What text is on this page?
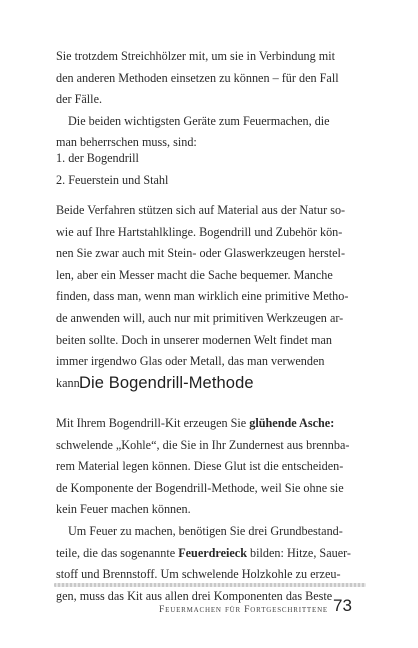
Sie trotzdem Streichhölzer mit, um sie in Verbindung mit
den anderen Methoden einsetzen zu können – für den Fall
der Fälle.
Die beiden wichtigsten Geräte zum Feuermachen, die
man beherrschen muss, sind:
1. der Bogendrill
2. Feuerstein und Stahl
Beide Verfahren stützen sich auf Material aus der Natur so-
wie auf Ihre Hartstahlklinge. Bogendrill und Zubehör kön-
nen Sie zwar auch mit Stein- oder Glaswerkzeugen herstel-
len, aber ein Messer macht die Sache bequemer. Manche
finden, dass man, wenn man wirklich eine primitive Metho-
de anwenden will, auch nur mit primitiven Werkzeugen ar-
beiten sollte. Doch in unserer modernen Welt findet man
immer irgendwo Glas oder Metall, das man verwenden
kann.
Die Bogendrill-Methode
Mit Ihrem Bogendrill-Kit erzeugen Sie glühende Asche:
schwelende „Kohle“, die Sie in Ihr Zundernest aus brennba-
rem Material legen können. Diese Glut ist die entscheiden-
de Komponente der Bogendrill-Methode, weil Sie ohne sie
kein Feuer machen können.
Um Feuer zu machen, benötigen Sie drei Grundbestand-
teile, die das sogenannte Feuerdreieck bilden: Hitze, Sauer-
stoff und Brennstoff. Um schwelende Holzkohle zu erzeu-
gen, muss das Kit aus allen drei Komponenten das Beste
Feuermachen für Fortgeschrittene 73
